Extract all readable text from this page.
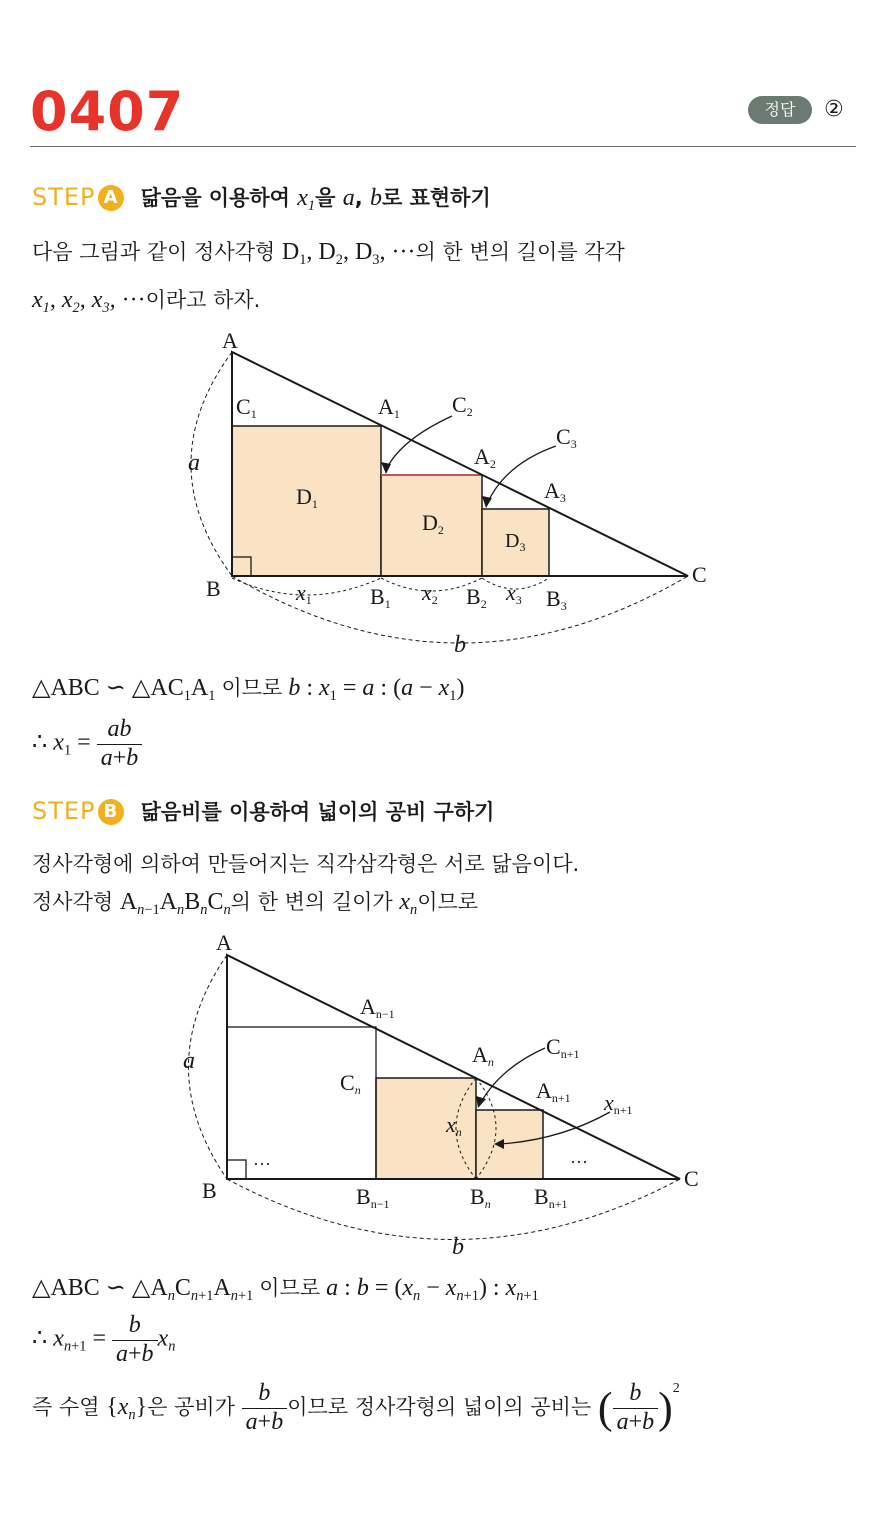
0407	정답	②
STEP A 닮음을 이용하여 $x_1$을 a, b로 표현하기
다음 그림과 같이 정사각형 $D_1$, $D_2$, $D_3$, ···의 한 변의 길이를 각각
$x_1$, $x_2$, $x_3$, ···이라고 하자.
A
B
C
C1	A1 C2
A2
C3
A3
D1
D2	$D_3$
B1	B2	B3
x1	x2	x3
a
b
△ABC ∽ $\triangle AC_1A_1$ 이므로 b : $x_1 = a$ : $(a - x_1)$
∴ $x_1 = \frac{ab}{a+b}$
STEP B 닮음비를 이용하여 넓이의 공비 구하기
정사각형에 의하여 만들어지는 직각삼각형은 서로 닮음이다.
정사각형 $A_{n-1}A_nB_nC_n$의 한 변의 길이가 $x_n$이므로
A
B	C
a
b
An−1
An
Cn+1
An+1
Cn	xn+1
xn
Bn−1	Bn Bn+1
···	···
△ABC ∽ $\triangle A_nC_{n+1}A_{n+1}$ 이므로 a : $b = (x_n - x_{n+1})$ : $x_{n+1}$
∴ $x_{n+1} = \frac{b}{a+b} x_n$
즉 수열 $\{x_n\}$은 공비가 $\frac{b}{a+b}$ 이므로 정사각형의 넓이의 공비는 ( $\frac{b}{a+b} )^2$
